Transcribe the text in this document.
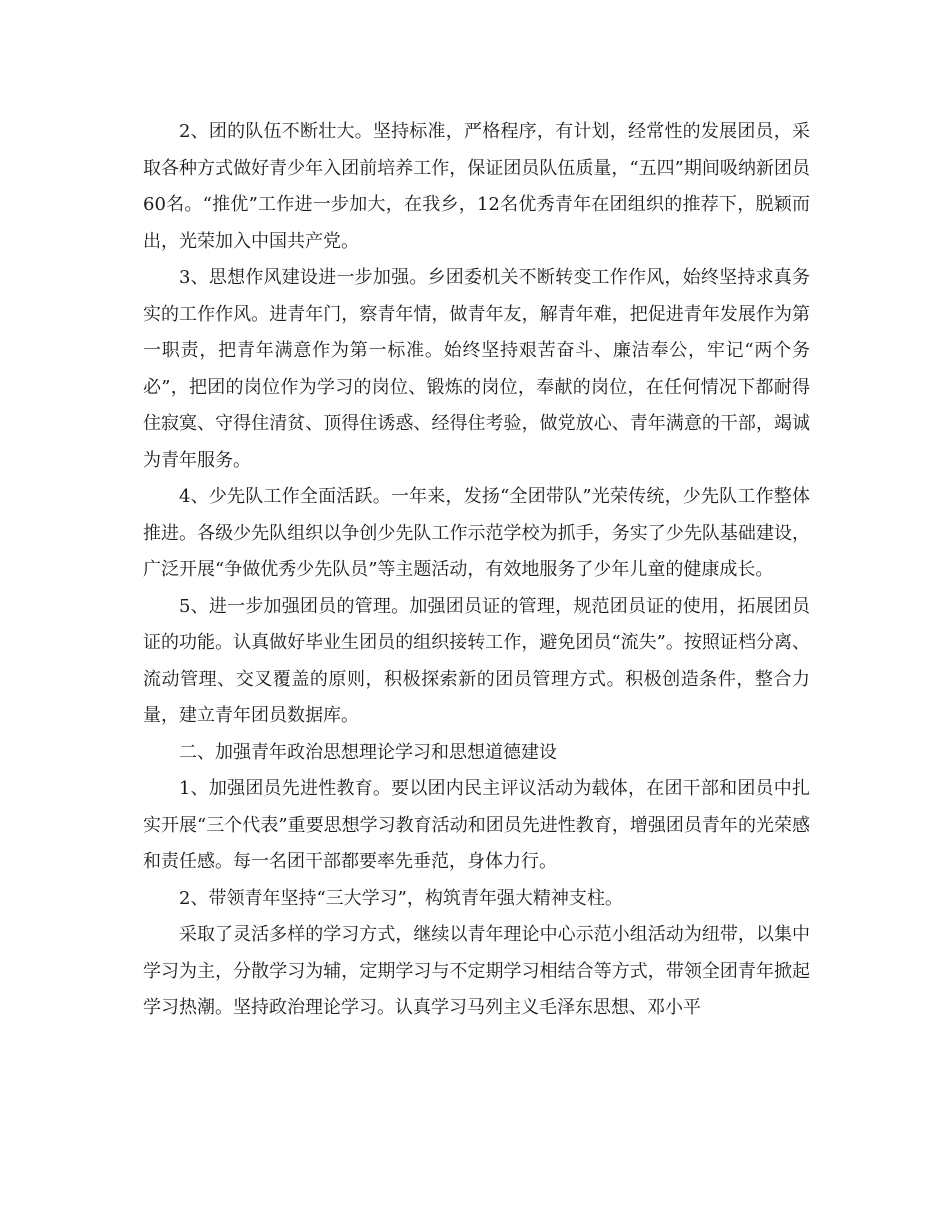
2、团的队伍不断壮大。坚持标准，严格程序，有计划，经常性的发展团员，采取各种方式做好青少年入团前培养工作，保证团员队伍质量，“五四”期间吸纳新团员60名。“推优”工作进一步加大，在我乡，12名优秀青年在团组织的推荐下，脱颖而出，光荣加入中国共产党。

3、思想作风建设进一步加强。乡团委机关不断转变工作作风，始终坚持求真务实的工作作风。进青年门，察青年情，做青年友，解青年难，把促进青年发展作为第一职责，把青年满意作为第一标准。始终坚持艰苦奋斗、廉洁奉公，牢记“两个务必”，把团的岗位作为学习的岗位、锻炼的岗位，奉献的岗位，在任何情况下都耐得住寂寞、守得住清贫、顶得住诱惑、经得住考验，做党放心、青年满意的干部，竭诚为青年服务。

4、少先队工作全面活跃。一年来，发扬“全团带队”光荣传统，少先队工作整体推进。各级少先队组织以争创少先队工作示范学校为抓手，务实了少先队基础建设，广泛开展“争做优秀少先队员”等主题活动，有效地服务了少年儿童的健康成长。

5、进一步加强团员的管理。加强团员证的管理，规范团员证的使用，拓展团员证的功能。认真做好毕业生团员的组织接转工作，避免团员“流失”。按照证档分离、流动管理、交叉覆盖的原则，积极探索新的团员管理方式。积极创造条件，整合力量，建立青年团员数据库。

二、加强青年政治思想理论学习和思想道德建设

1、加强团员先进性教育。要以团内民主评议活动为载体，在团干部和团员中扎实开展“三个代表”重要思想学习教育活动和团员先进性教育，增强团员青年的光荣感和责任感。每一名团干部都要率先垂范，身体力行。

2、带领青年坚持“三大学习”，构筑青年强大精神支柱。

采取了灵活多样的学习方式，继续以青年理论中心示范小组活动为纽带，以集中学习为主，分散学习为辅，定期学习与不定期学习相结合等方式，带领全团青年掀起学习热潮。坚持政治理论学习。认真学习马列主义毛泽东思想、邓小平
